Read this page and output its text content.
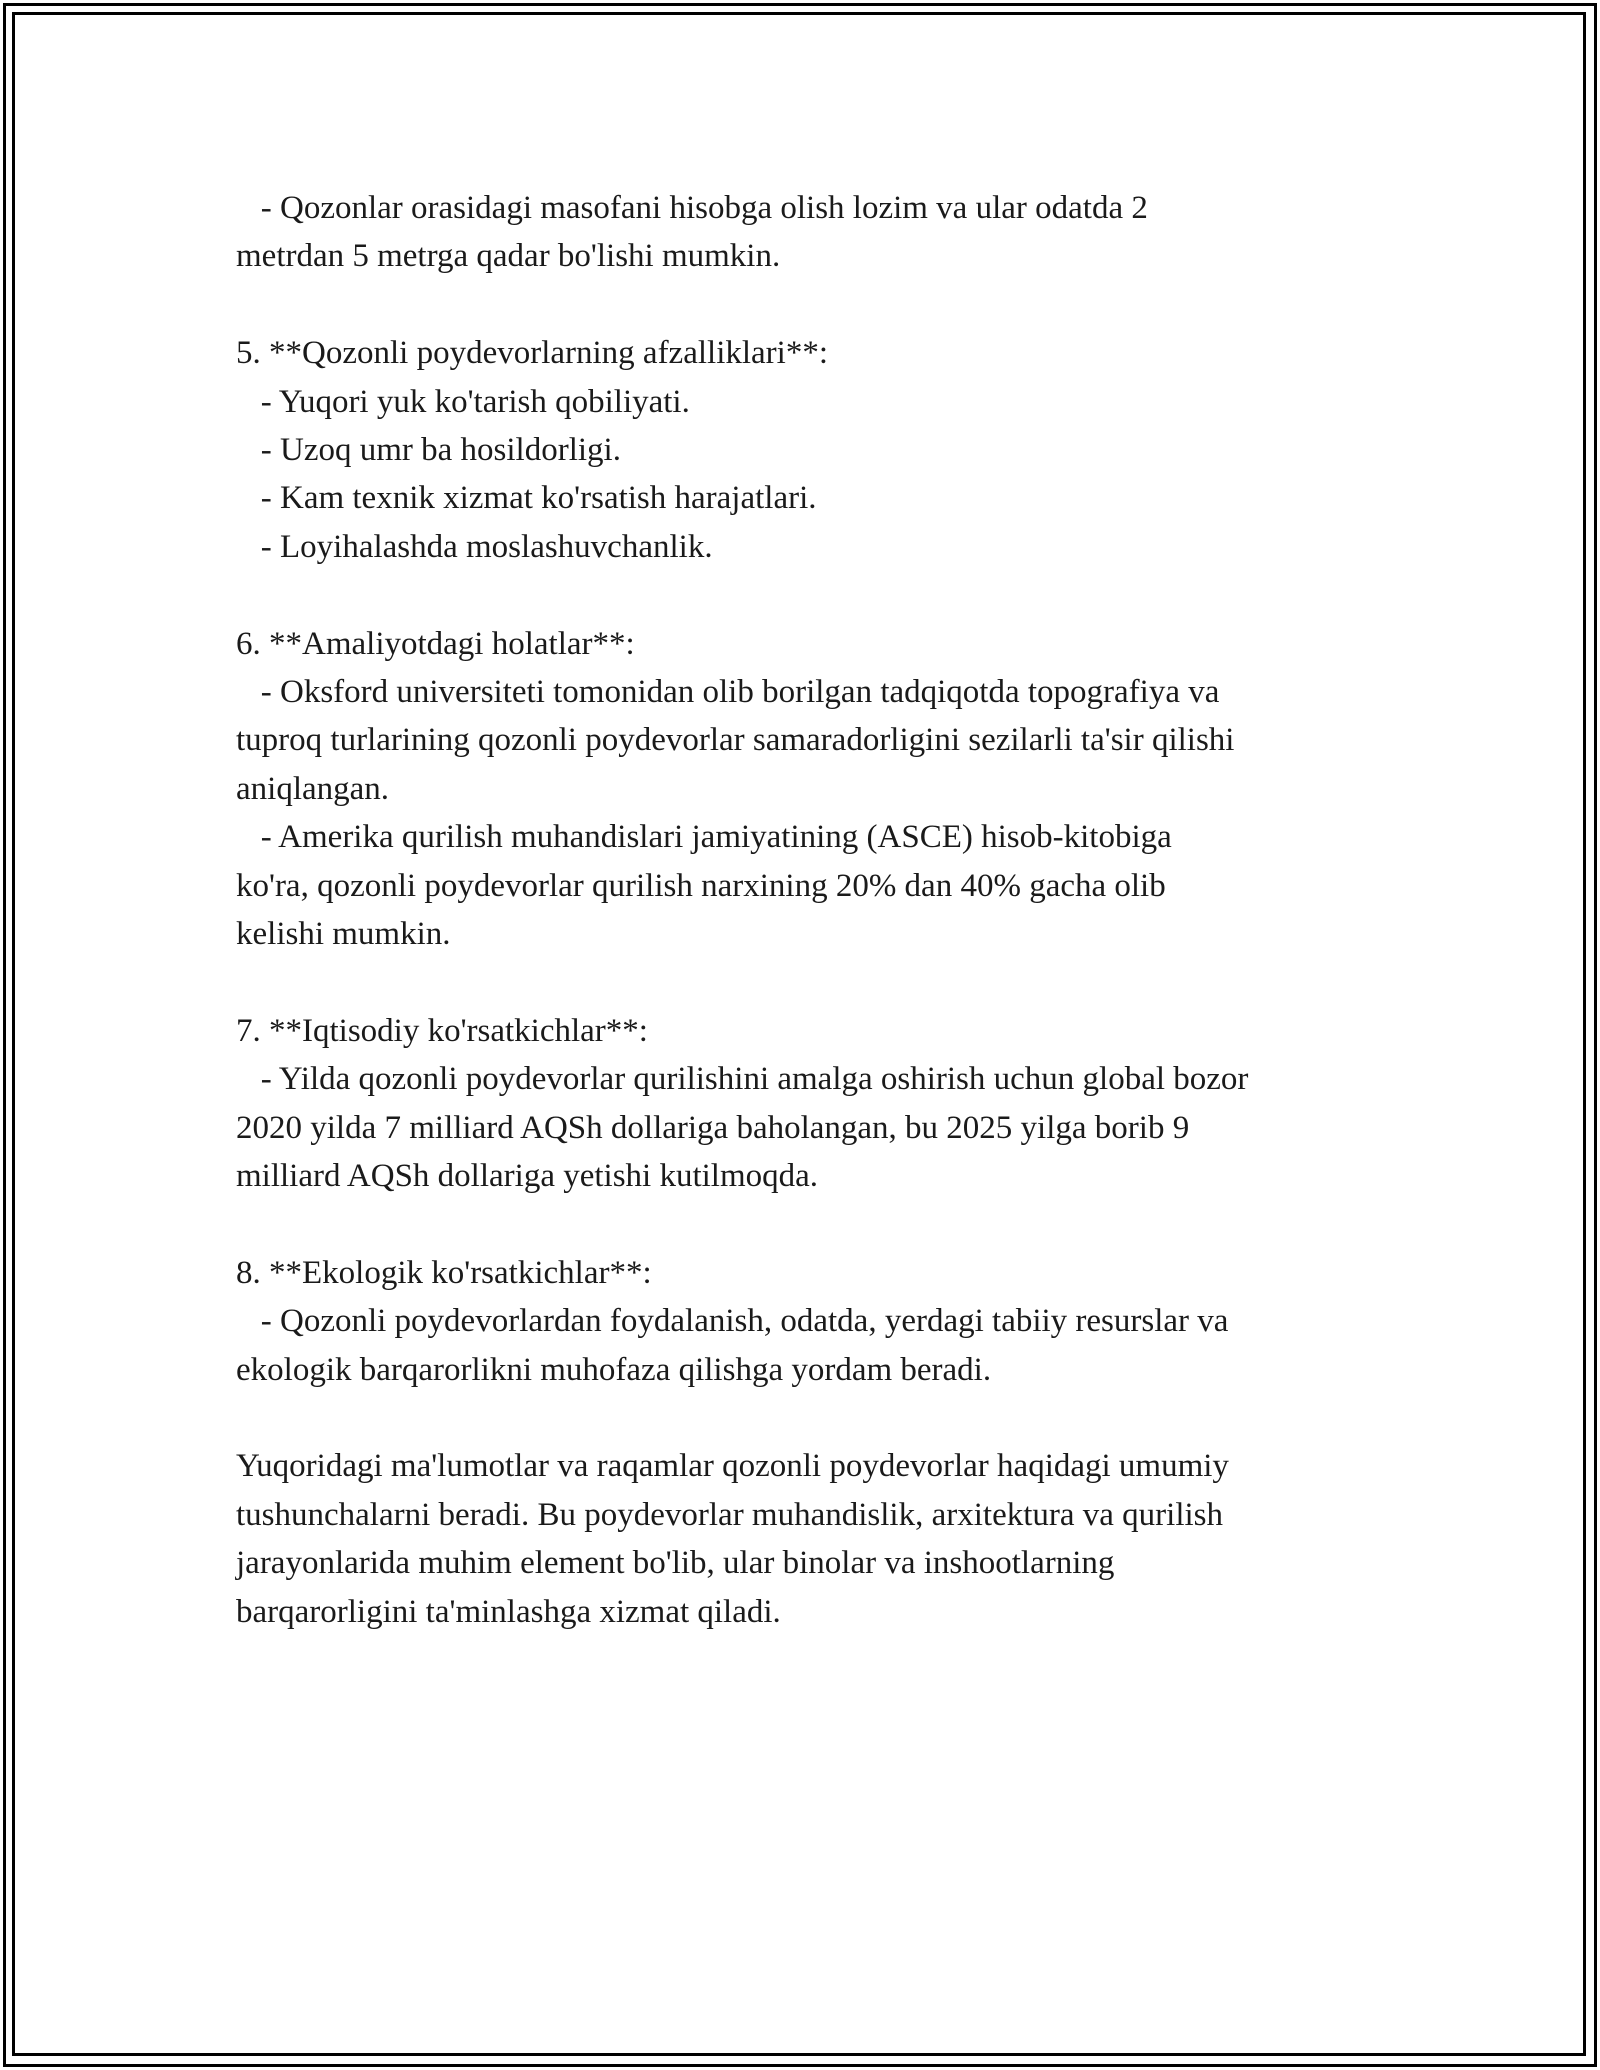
- Qozonlar orasidagi masofani hisobga olish lozim va ular odatda 2
metrdan 5 metrga qadar bo'lishi mumkin.
5. **Qozonli poydevorlarning afzalliklari**:
- Yuqori yuk ko'tarish qobiliyati.
- Uzoq umr ba hosildorligi.
- Kam texnik xizmat ko'rsatish harajatlari.
- Loyihalashda moslashuvchanlik.
6. **Amaliyotdagi holatlar**:
- Oksford universiteti tomonidan olib borilgan tadqiqotda topografiya va
tuproq turlarining qozonli poydevorlar samaradorligini sezilarli ta'sir qilishi
aniqlangan.
- Amerika qurilish muhandislari jamiyatining (ASCE) hisob-kitobiga
ko'ra, qozonli poydevorlar qurilish narxining 20% dan 40% gacha olib
kelishi mumkin.
7. **Iqtisodiy ko'rsatkichlar**:
- Yilda qozonli poydevorlar qurilishini amalga oshirish uchun global bozor
2020 yilda 7 milliard AQSh dollariga baholangan, bu 2025 yilga borib 9
milliard AQSh dollariga yetishi kutilmoqda.
8. **Ekologik ko'rsatkichlar**:
- Qozonli poydevorlardan foydalanish, odatda, yerdagi tabiiy resurslar va
ekologik barqarorlikni muhofaza qilishga yordam beradi.
Yuqoridagi ma'lumotlar va raqamlar qozonli poydevorlar haqidagi umumiy
tushunchalarni beradi. Bu poydevorlar muhandislik, arxitektura va qurilish
jarayonlarida muhim element bo'lib, ular binolar va inshootlarning
barqarorligini ta'minlashga xizmat qiladi.
